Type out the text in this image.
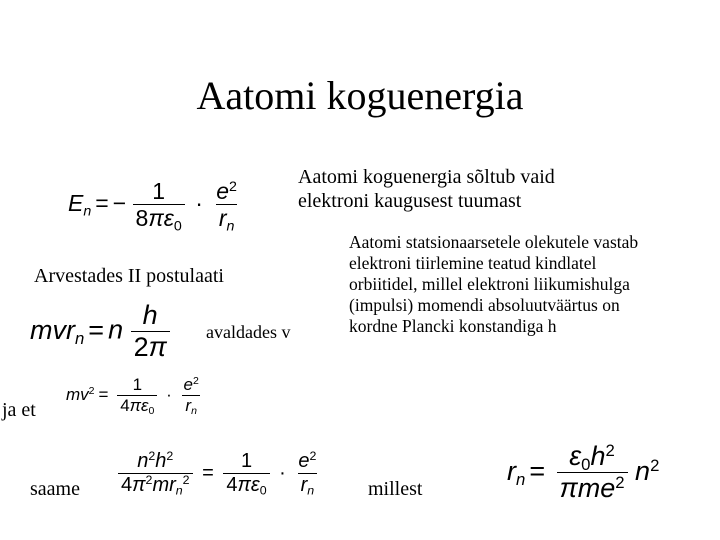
Aatomi koguenergia
Aatomi koguenergia sõltub vaid elektroni kaugusest tuumast
$E_n$ = − $\frac{1}{8\pi\varepsilon_0} \cdot \frac{e^2}{r_n}$
Arvestades II postulaati
mvr$_n$ = n $\frac{h}{2\pi}$ avaldades v
Aatomi statsionaarsetele olekutele vastab elektroni tiirlemine teatud kindlatel orbiitidel, millel elektroni liikumishulga (impulsi) momendi absoluutväärtus on kordne Plancki konstandiga h
ja et
$mv^2 = \frac{1}{4\pi\varepsilon_0} \cdot \frac{e^2}{r_n}$
saame $\frac{n^2h^2}{4\pi^2mr_n^2} = \frac{1}{4\pi\varepsilon_0} \cdot \frac{e^2}{r_n}$ millest
$r_n = \frac{\varepsilon_0h^2}{\pi me^2} n^2$
